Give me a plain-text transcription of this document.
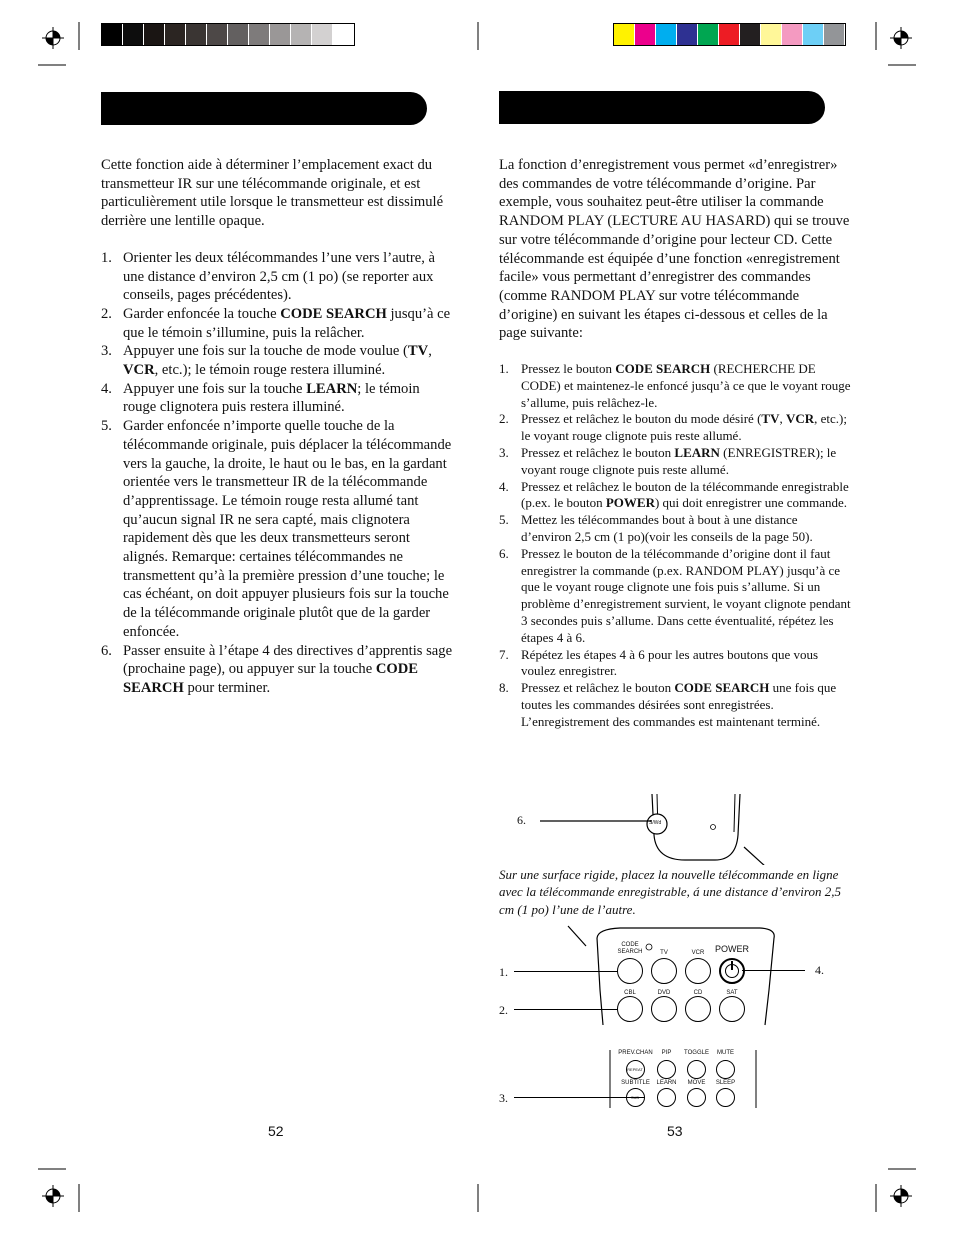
Cette fonction aide à déterminer l’emplacement exact du transmetteur IR sur une télécommande originale, et est particulièrement utile lorsque le transmetteur est dissimulé derrière une lentille opaque.

1. Orienter les deux télécommandes l’une vers l’autre, à une distance d’environ 2,5 cm (1 po) (se reporter aux conseils, pages précédentes).
2. Garder enfoncée la touche CODE SEARCH jusqu’à ce que le témoin s’illumine, puis la relâcher.
3. Appuyer une fois sur la touche de mode voulue (TV, VCR, etc.); le témoin rouge restera illuminé.
4. Appuyer une fois sur la touche LEARN; le témoin rouge clignotera puis restera illuminé.
5. Garder enfoncée n’importe quelle touche de la télécommande originale, puis déplacer la télécommande vers la gauche, la droite, le haut ou le bas, en la gardant orientée vers le transmetteur IR de la télécommande d’apprentissage. Le témoin rouge resta allumé tant qu’aucun signal IR ne sera capté, mais clignotera rapidement dès que les deux transmetteurs seront alignés. Remarque: certaines télécommandes ne transmettent qu’à la première pression d’une touche; le cas échéant, on doit appuyer plusieurs fois sur la touche de la télécommande originale plutôt que de la garder enfoncée.
6. Passer ensuite à l’étape 4 des directives d’apprentis sage (prochaine page), ou appuyer sur la touche CODE SEARCH pour terminer.
52

La fonction d’enregistrement vous permet «d’enregistrer» des commandes de votre télécommande d’origine. Par exemple, vous souhaitez peut-être utiliser la commande RANDOM PLAY (LECTURE AU HASARD) qui se trouve sur votre télécommande d’origine pour lecteur CD. Cette télécommande est équipée d’une fonction «enregistrement facile» vous permettant d’enregistrer des commandes (comme RANDOM PLAY sur votre télécommande d’origine) en suivant les étapes ci-dessous et celles de la page suivante:

1. Pressez le bouton CODE SEARCH (RECHERCHE DE CODE) et maintenez-le enfoncé jusqu’à ce que le voyant rouge s’allume, puis relâchez-le.
2. Pressez et relâchez le bouton du mode désiré (TV, VCR, etc.); le voyant rouge clignote puis reste allumé.
3. Pressez et relâchez le bouton LEARN (ENREGISTRER); le voyant rouge clignote puis reste allumé.
4. Pressez et relâchez le bouton de la télécommande enregistrable (p.ex. le bouton POWER) qui doit enregistrer une commande.
5. Mettez les télécommandes bout à bout à une distance d’environ 2,5 cm (1 po)(voir les conseils de la page 50).
6. Pressez le bouton de la télécommande d’origine dont il faut enregistrer la commande (p.ex. RANDOM PLAY) jusqu’à ce que le voyant rouge clignote une fois puis s’allume. Si un problème d’enregistrement survient, le voyant clignote pendant 3 secondes puis s’allume. Dans cette éventualité, répétez les étapes 4 à 6.
7. Répétez les étapes 4 à 6 pour les autres boutons que vous voulez enregistrer.
8. Pressez et relâchez le bouton CODE SEARCH une fois que toutes les commandes désirées sont enregistrées. L’enregistrement des commandes est maintenant terminé.
Sur une surface rigide, placez la nouvelle télécommande en ligne avec la télécommande enregistrable, á une distance d’environ 2,5 cm (1 po) l’une de l’autre.
53
6.	S/Wd
CODE
SEARCH	TV	VCR	POWER
CBL	DVD	CD	SAT
PREV.CHAN	PIP	TOGGLE	MUTE
SUBTITLE	LEARN	MOVE	SLEEP
REPEAT
1.
2.
3.
4.
